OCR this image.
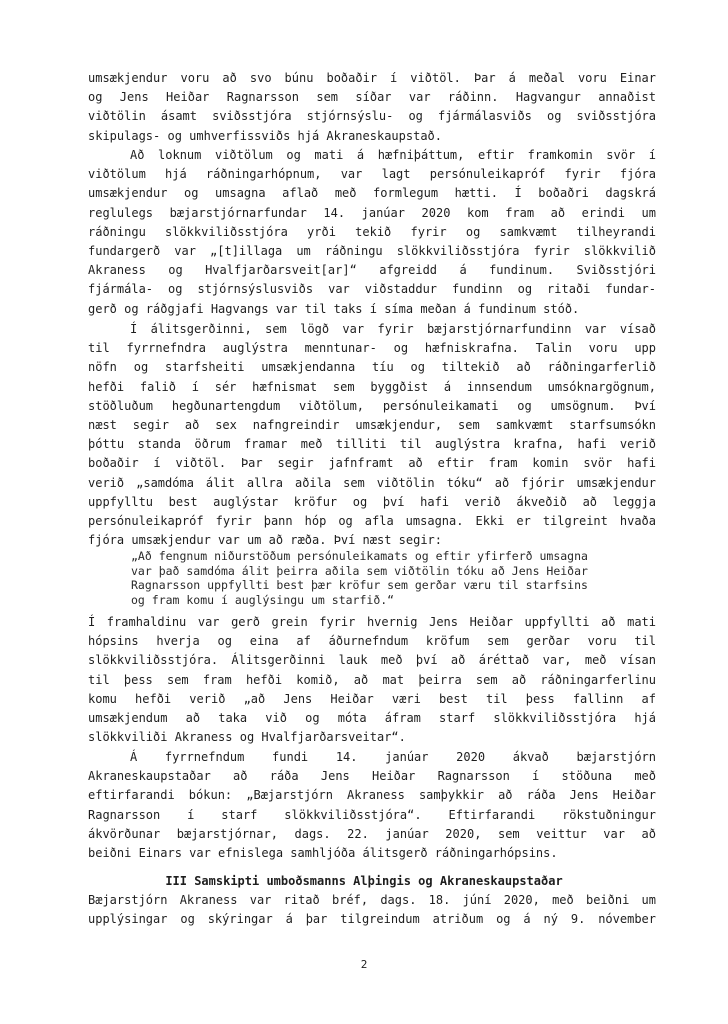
umsækjendur voru að svo búnu boðaðir í viðtöl. Þar á meðal voru Einar
og Jens Heiðar Ragnarsson sem síðar var ráðinn. Hagvangur annaðist
viðtölin ásamt sviðsstjóra stjórnsýslu- og fjármálasviðs og sviðsstjóra
skipulags- og umhverfissviðs hjá Akraneskaupstað.
Að loknum viðtölum og mati á hæfniþáttum, eftir framkomin svör í
viðtölum hjá ráðningarhópnum, var lagt persónuleikapróf fyrir fjóra
umsækjendur og umsagna aflað með formlegum hætti. Í boðaðri dagskrá
reglulegs bæjarstjórnarfundar 14. janúar 2020 kom fram að erindi um
ráðningu slökkviliðsstjóra yrði tekið fyrir og samkvæmt tilheyrandi
fundargerð var „[t]illaga um ráðningu slökkviliðsstjóra fyrir slökkvilið
Akraness og Hvalfjarðarsveit[ar]“ afgreidd á fundinum. Sviðsstjóri
fjármála- og stjórnsýslusviðs var viðstaddur fundinn og ritaði fundar-
gerð og ráðgjafi Hagvangs var til taks í síma meðan á fundinum stóð.
Í álitsgerðinni, sem lögð var fyrir bæjarstjórnarfundinn var vísað
til fyrrnefndra auglýstra menntunar- og hæfniskrafna. Talin voru upp
nöfn og starfsheiti umsækjendanna tíu og tiltekið að ráðningarferlið
hefði falið í sér hæfnismat sem byggðist á innsendum umsóknargögnum,
stöðluðum hegðunartengdum viðtölum, persónuleikamati og umsögnum. Því
næst segir að sex nafngreindir umsækjendur, sem samkvæmt starfsumsókn
þóttu standa öðrum framar með tilliti til auglýstra krafna, hafi verið
boðaðir í viðtöl. Þar segir jafnframt að eftir fram komin svör hafi
verið „samdóma álit allra aðila sem viðtölin tóku“ að fjórir umsækjendur
uppfylltu best auglýstar kröfur og því hafi verið ákveðið að leggja
persónuleikapróf fyrir þann hóp og afla umsagna. Ekki er tilgreint hvaða
fjóra umsækjendur var um að ræða. Því næst segir:
„Að fengnum niðurstöðum persónuleikamats og eftir yfirferð umsagna
var það samdóma álit þeirra aðila sem viðtölin tóku að Jens Heiðar
Ragnarsson uppfyllti best þær kröfur sem gerðar væru til starfsins
og fram komu í auglýsingu um starfið.“
Í framhaldinu var gerð grein fyrir hvernig Jens Heiðar uppfyllti að mati
hópsins hverja og eina af áðurnefndum kröfum sem gerðar voru til
slökkviliðsstjóra. Álitsgerðinni lauk með því að áréttað var, með vísan
til þess sem fram hefði komið, að mat þeirra sem að ráðningarferlinu
komu hefði verið „að Jens Heiðar væri best til þess fallinn af
umsækjendum að taka við og móta áfram starf slökkviliðsstjóra hjá
slökkviliði Akraness og Hvalfjarðarsveitar“.
Á fyrrnefndum fundi 14. janúar 2020 ákvað bæjarstjórn
Akraneskaupstaðar að ráða Jens Heiðar Ragnarsson í stöðuna með
eftirfarandi bókun: „Bæjarstjórn Akraness samþykkir að ráða Jens Heiðar
Ragnarsson í starf slökkviliðsstjóra“. Eftirfarandi rökstuðningur
ákvörðunar bæjarstjórnar, dags. 22. janúar 2020, sem veittur var að
beiðni Einars var efnislega samhljóða álitsgerð ráðningarhópsins.
III Samskipti umboðsmanns Alþingis og Akraneskaupstaðar
Bæjarstjórn Akraness var ritað bréf, dags. 18. júní 2020, með beiðni um
upplýsingar og skýringar á þar tilgreindum atriðum og á ný 9. nóvember
2
